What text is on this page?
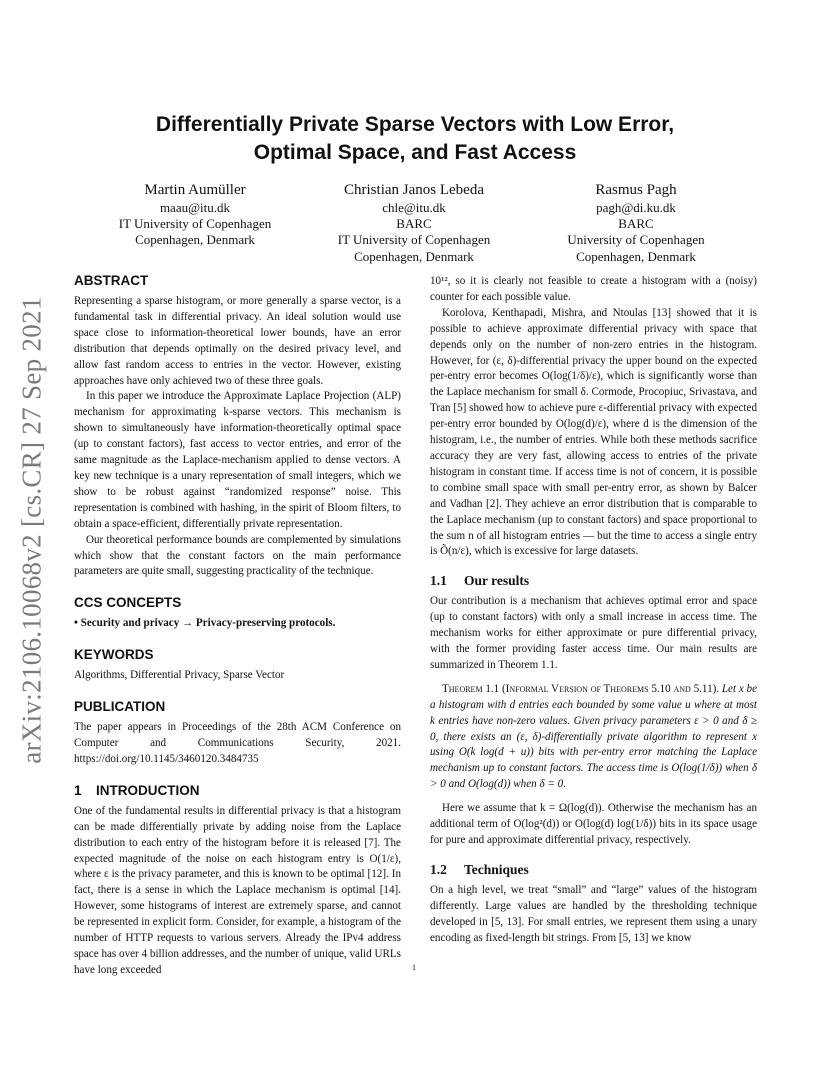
arXiv:2106.10068v2 [cs.CR] 27 Sep 2021
Differentially Private Sparse Vectors with Low Error,
Optimal Space, and Fast Access
Martin Aumüller
maau@itu.dk
IT University of Copenhagen
Copenhagen, Denmark
Christian Janos Lebeda
chle@itu.dk
BARC
IT University of Copenhagen
Copenhagen, Denmark
Rasmus Pagh
pagh@di.ku.dk
BARC
University of Copenhagen
Copenhagen, Denmark
ABSTRACT

Representing a sparse histogram, or more generally a sparse vector, is a fundamental task in differential privacy. An ideal solution would use space close to information-theoretical lower bounds, have an error distribution that depends optimally on the desired privacy level, and allow fast random access to entries in the vector. However, existing approaches have only achieved two of these three goals.

In this paper we introduce the Approximate Laplace Projection (ALP) mechanism for approximating k-sparse vectors. This mechanism is shown to simultaneously have information-theoretically optimal space (up to constant factors), fast access to vector entries, and error of the same magnitude as the Laplace-mechanism applied to dense vectors. A key new technique is a unary representation of small integers, which we show to be robust against “randomized response” noise. This representation is combined with hashing, in the spirit of Bloom filters, to obtain a space-efficient, differentially private representation.

Our theoretical performance bounds are complemented by simulations which show that the constant factors on the main performance parameters are quite small, suggesting practicality of the technique.

CCS CONCEPTS

• Security and privacy → Privacy-preserving protocols.

KEYWORDS

Algorithms, Differential Privacy, Sparse Vector

PUBLICATION

The paper appears in Proceedings of the 28th ACM Conference on Computer and Communications Security, 2021. https://doi.org/10.1145/3460120.3484735

1 INTRODUCTION

One of the fundamental results in differential privacy is that a histogram can be made differentially private by adding noise from the Laplace distribution to each entry of the histogram before it is released [7]. The expected magnitude of the noise on each histogram entry is O(1/ε), where ε is the privacy parameter, and this is known to be optimal [12]. In fact, there is a sense in which the Laplace mechanism is optimal [14]. However, some histograms of interest are extremely sparse, and cannot be represented in explicit form. Consider, for example, a histogram of the number of HTTP requests to various servers. Already the IPv4 address space has over 4 billion addresses, and the number of unique, valid URLs have long exceeded

10¹², so it is clearly not feasible to create a histogram with a (noisy) counter for each possible value.

Korolova, Kenthapadi, Mishra, and Ntoulas [13] showed that it is possible to achieve approximate differential privacy with space that depends only on the number of non-zero entries in the histogram. However, for (ε, δ)-differential privacy the upper bound on the expected per-entry error becomes O(log(1/δ)/ε), which is significantly worse than the Laplace mechanism for small δ. Cormode, Procopiuc, Srivastava, and Tran [5] showed how to achieve pure ε-differential privacy with expected per-entry error bounded by O(log(d)/ε), where d is the dimension of the histogram, i.e., the number of entries. While both these methods sacrifice accuracy they are very fast, allowing access to entries of the private histogram in constant time. If access time is not of concern, it is possible to combine small space with small per-entry error, as shown by Balcer and Vadhan [2]. They achieve an error distribution that is comparable to the Laplace mechanism (up to constant factors) and space proportional to the sum n of all histogram entries — but the time to access a single entry is Õ(n/ε), which is excessive for large datasets.

1.1 Our results

Our contribution is a mechanism that achieves optimal error and space (up to constant factors) with only a small increase in access time. The mechanism works for either approximate or pure differential privacy, with the former providing faster access time. Our main results are summarized in Theorem 1.1.

Theorem 1.1 (Informal Version of Theorems 5.10 and 5.11). Let x be a histogram with d entries each bounded by some value u where at most k entries have non-zero values. Given privacy parameters ε > 0 and δ ≥ 0, there exists an (ε, δ)-differentially private algorithm to represent x using O(k log(d + u)) bits with per-entry error matching the Laplace mechanism up to constant factors. The access time is O(log(1/δ)) when δ > 0 and O(log(d)) when δ = 0.

Here we assume that k = Ω(log(d)). Otherwise the mechanism has an additional term of O(log²(d)) or O(log(d) log(1/δ)) bits in its space usage for pure and approximate differential privacy, respectively.

1.2 Techniques

On a high level, we treat “small” and “large” values of the histogram differently. Large values are handled by the thresholding technique developed in [5, 13]. For small entries, we represent them using a unary encoding as fixed-length bit strings. From [5, 13] we know

1
